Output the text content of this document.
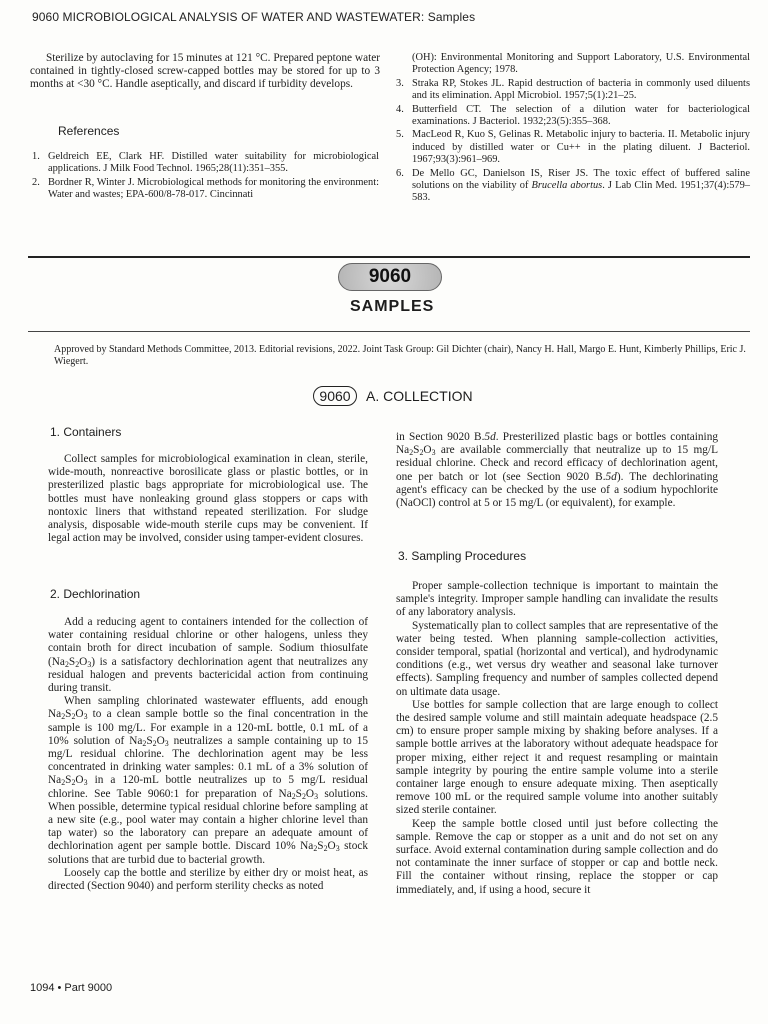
9060 MICROBIOLOGICAL ANALYSIS OF WATER AND WASTEWATER: Samples

Sterilize by autoclaving for 15 minutes at 121 °C. Prepared peptone water contained in tightly-closed screw-capped bottles may be stored for up to 3 months at <30 °C. Handle aseptically, and discard if turbidity develops.

References
1. Geldreich EE, Clark HF. Distilled water suitability for microbiological applications. J Milk Food Technol. 1965;28(11):351–355.
2. Bordner R, Winter J. Microbiological methods for monitoring the environment: Water and wastes; EPA-600/8-78-017. Cincinnati
(OH): Environmental Monitoring and Support Laboratory, U.S. Environmental Protection Agency; 1978.
3. Straka RP, Stokes JL. Rapid destruction of bacteria in commonly used diluents and its elimination. Appl Microbiol. 1957;5(1):21–25.
4. Butterfield CT. The selection of a dilution water for bacteriological examinations. J Bacteriol. 1932;23(5):355–368.
5. MacLeod R, Kuo S, Gelinas R. Metabolic injury to bacteria. II. Metabolic injury induced by distilled water or Cu++ in the plating diluent. J Bacteriol. 1967;93(3):961–969.
6. De Mello GC, Danielson IS, Riser JS. The toxic effect of buffered saline solutions on the viability of Brucella abortus. J Lab Clin Med. 1951;37(4):579–583.
9060
SAMPLES
Approved by Standard Methods Committee, 2013. Editorial revisions, 2022. Joint Task Group: Gil Dichter (chair), Nancy H. Hall, Margo E. Hunt, Kimberly Phillips, Eric J. Wiegert.
9060	A. COLLECTION
1. Containers

Collect samples for microbiological examination in clean, sterile, wide-mouth, nonreactive borosilicate glass or plastic bottles, or in presterilized plastic bags appropriate for microbiological use. The bottles must have nonleaking ground glass stoppers or caps with nontoxic liners that withstand repeated sterilization. For sludge analysis, disposable wide-mouth sterile cups may be convenient. If legal action may be involved, consider using tamper-evident closures.

2. Dechlorination

Add a reducing agent to containers intended for the collection of water containing residual chlorine or other halogens, unless they contain broth for direct incubation of sample. Sodium thiosulfate $(Na_2S_2O_3)$ is a satisfactory dechlorination agent that neutralizes any residual halogen and prevents bactericidal action from continuing during transit.

When sampling chlorinated wastewater effluents, add enough $Na_2S_2O_3$ to a clean sample bottle so the final concentration in the sample is 100 mg/L. For example in a 120-mL bottle, 0.1 mL of a 10% solution of $Na_2S_2O_3$ neutralizes a sample containing up to 15 mg/L residual chlorine. The dechlorination agent may be less concentrated in drinking water samples: 0.1 mL of a 3% solution of $Na_2S_2O_3$ in a 120-mL bottle neutralizes up to 5 mg/L residual chlorine. See Table 9060:1 for preparation of $Na_2S_2O_3$ solutions. When possible, determine typical residual chlorine before sampling at a new site (e.g., pool water may contain a higher chlorine level than tap water) so the laboratory can prepare an adequate amount of dechlorination agent per sample bottle. Discard 10% $Na_2S_2O_3$ stock solutions that are turbid due to bacterial growth.

Loosely cap the bottle and sterilize by either dry or moist heat, as directed (Section 9040) and perform sterility checks as noted

in Section 9020 B.5d. Presterilized plastic bags or bottles containing $Na_2S_2O_3$ are available commercially that neutralize up to 15 mg/L residual chlorine. Check and record efficacy of dechlorination agent, one per batch or lot (see Section 9020 B.5d). The dechlorinating agent's efficacy can be checked by the use of a sodium hypochlorite (NaOCl) control at 5 or 15 mg/L (or equivalent), for example.

3. Sampling Procedures

Proper sample-collection technique is important to maintain the sample's integrity. Improper sample handling can invalidate the results of any laboratory analysis.

Systematically plan to collect samples that are representative of the water being tested. When planning sample-collection activities, consider temporal, spatial (horizontal and vertical), and hydrodynamic conditions (e.g., wet versus dry weather and seasonal lake turnover effects). Sampling frequency and number of samples collected depend on ultimate data usage.

Use bottles for sample collection that are large enough to collect the desired sample volume and still maintain adequate headspace (2.5 cm) to ensure proper sample mixing by shaking before analyses. If a sample bottle arrives at the laboratory without adequate headspace for proper mixing, either reject it and request resampling or maintain sample integrity by pouring the entire sample volume into a sterile container large enough to ensure adequate mixing. Then aseptically remove 100 mL or the required sample volume into another suitably sized sterile container.

Keep the sample bottle closed until just before collecting the sample. Remove the cap or stopper as a unit and do not set on any surface. Avoid external contamination during sample collection and do not contaminate the inner surface of stopper or cap and bottle neck. Fill the container without rinsing, replace the stopper or cap immediately, and, if using a hood, secure it

1094 • Part 9000
